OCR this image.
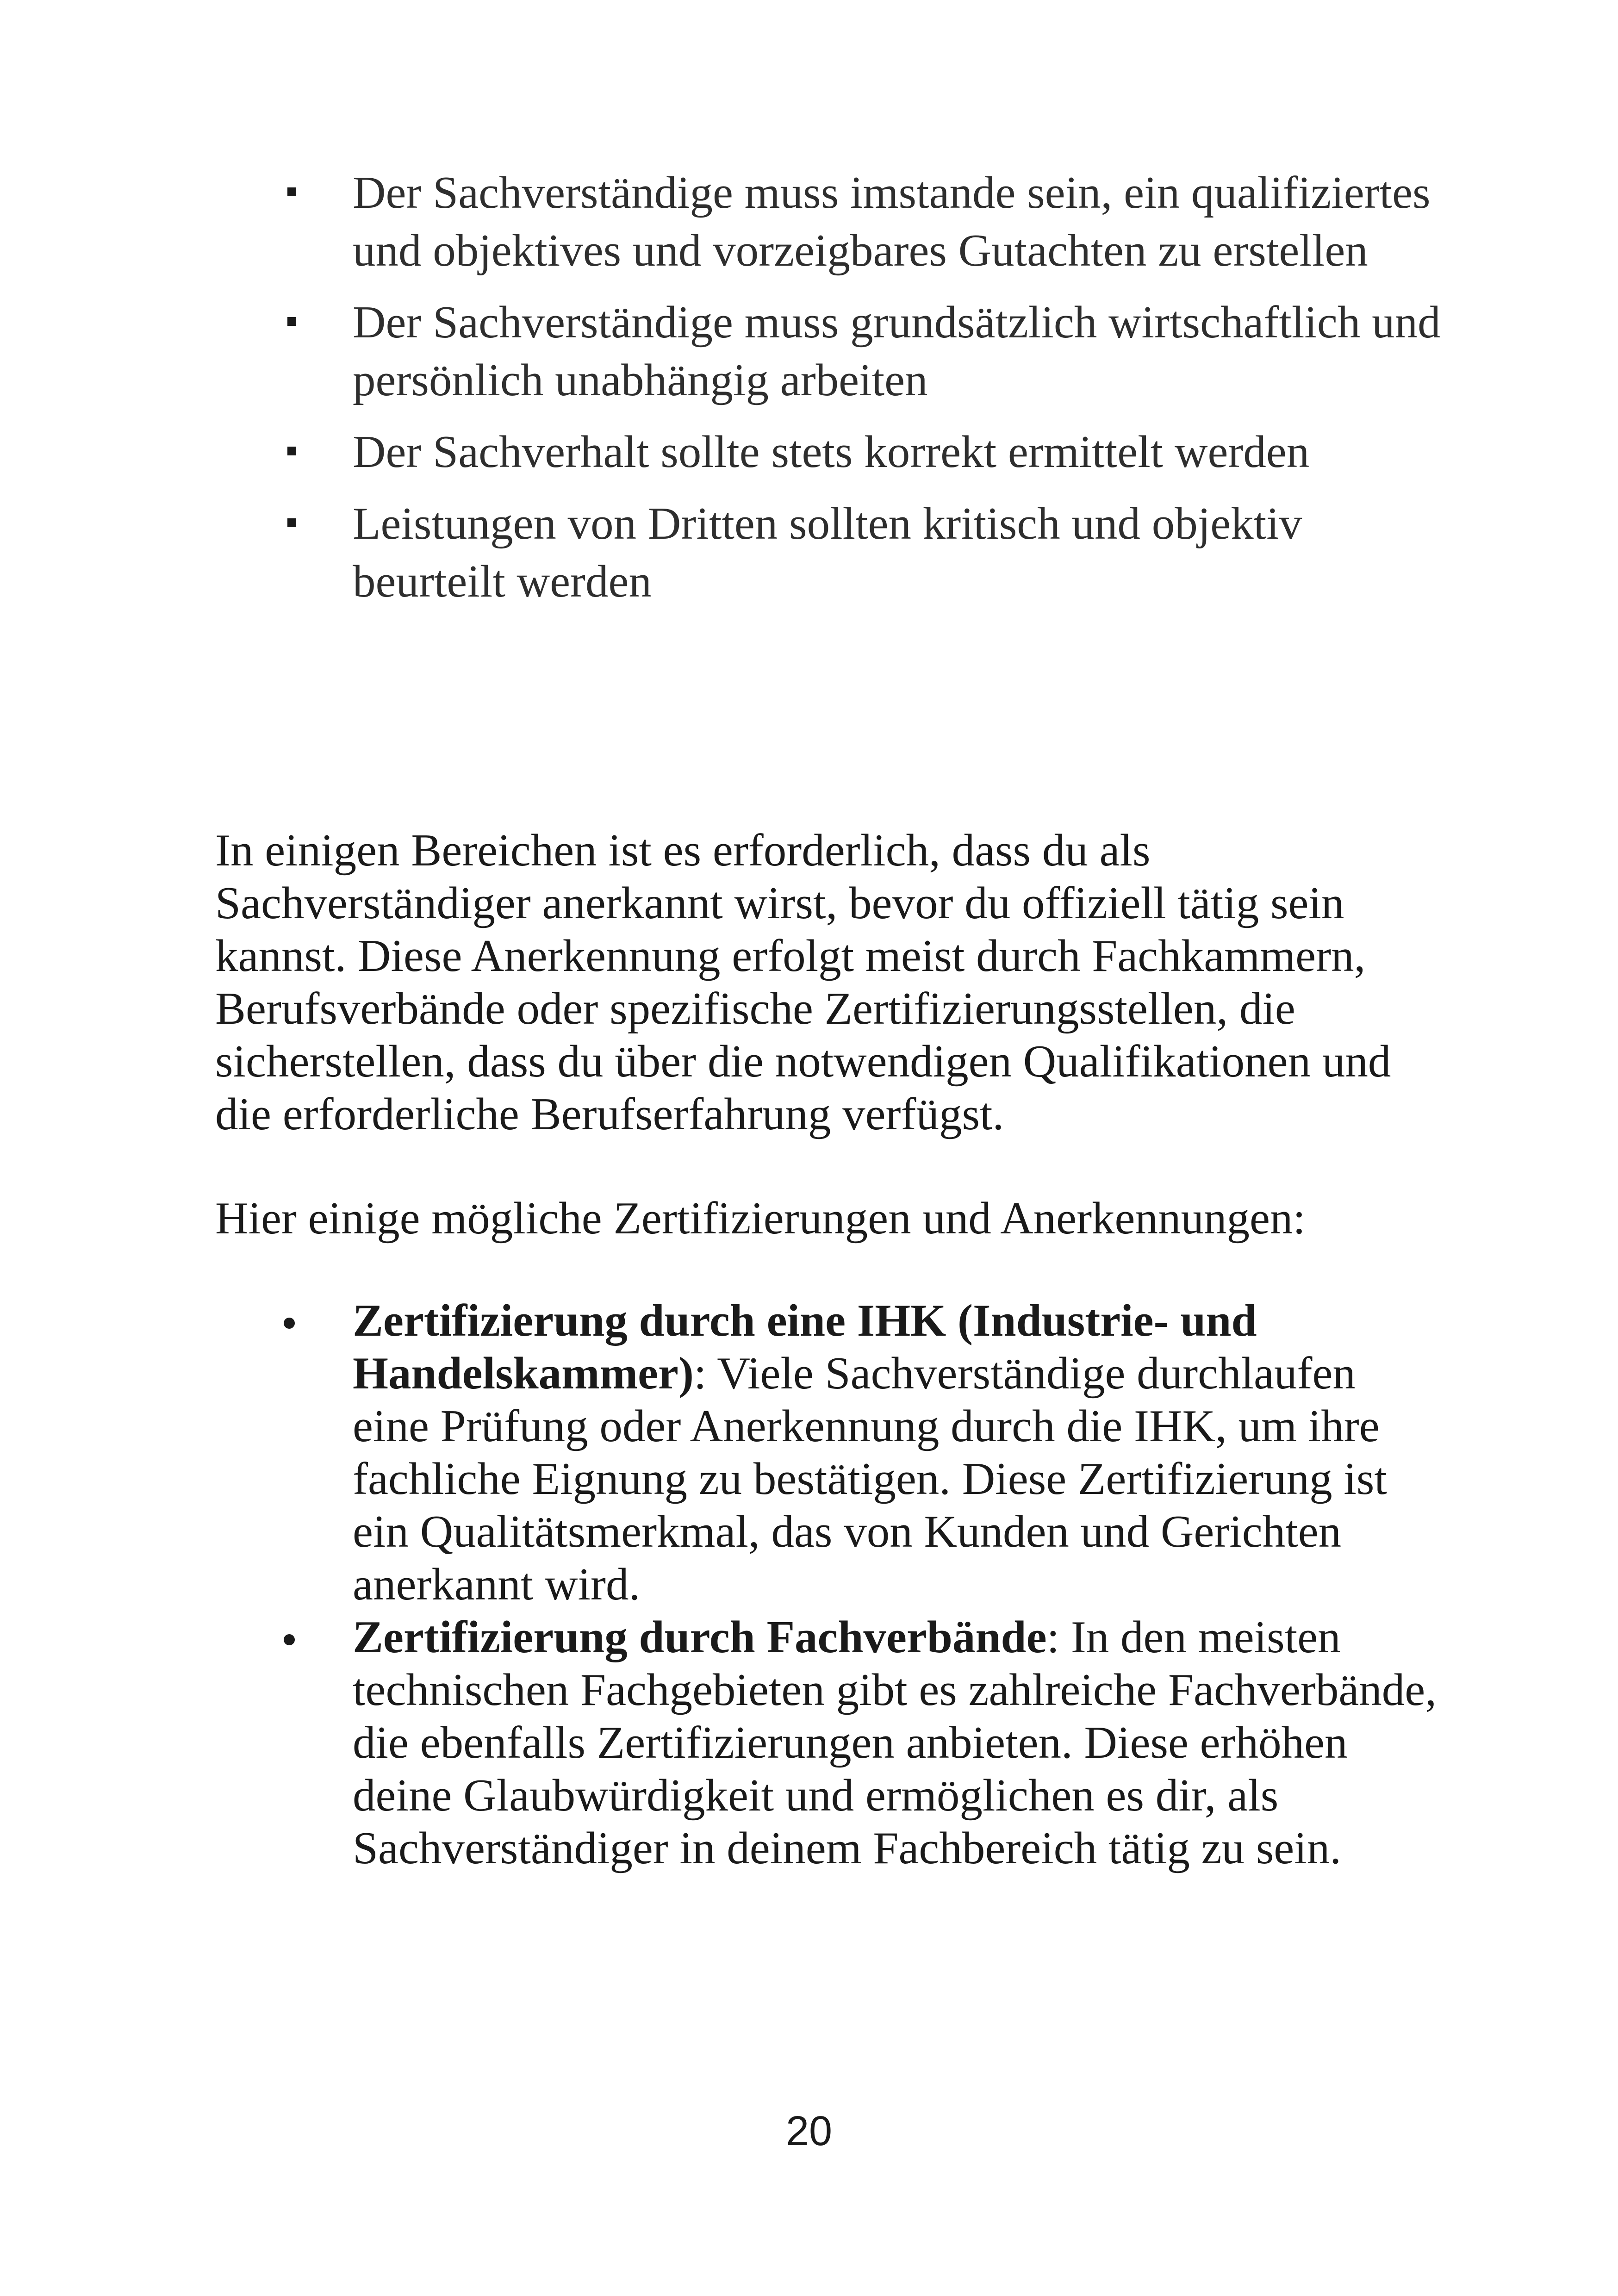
Der Sachverständige muss imstande sein, ein qualifiziertes und objektives und vorzeigbares Gutachten zu erstellen
Der Sachverständige muss grundsätzlich wirtschaftlich und persönlich unabhängig arbeiten
Der Sachverhalt sollte stets korrekt ermittelt werden
Leistungen von Dritten sollten kritisch und objektiv beurteilt werden

In einigen Bereichen ist es erforderlich, dass du als Sachverständiger anerkannt wirst, bevor du offiziell tätig sein kannst. Diese Anerkennung erfolgt meist durch Fachkammern, Berufsverbände oder spezifische Zertifizierungsstellen, die sicherstellen, dass du über die notwendigen Qualifikationen und die erforderliche Berufserfahrung verfügst.

Hier einige mögliche Zertifizierungen und Anerkennungen:

Zertifizierung durch eine IHK (Industrie- und Handelskammer): Viele Sachverständige durchlaufen eine Prüfung oder Anerkennung durch die IHK, um ihre fachliche Eignung zu bestätigen. Diese Zertifizierung ist ein Qualitätsmerkmal, das von Kunden und Gerichten anerkannt wird.
Zertifizierung durch Fachverbände: In den meisten technischen Fachgebieten gibt es zahlreiche Fachverbände, die ebenfalls Zertifizierungen anbieten. Diese erhöhen deine Glaubwürdigkeit und ermöglichen es dir, als Sachverständiger in deinem Fachbereich tätig zu sein.
20
